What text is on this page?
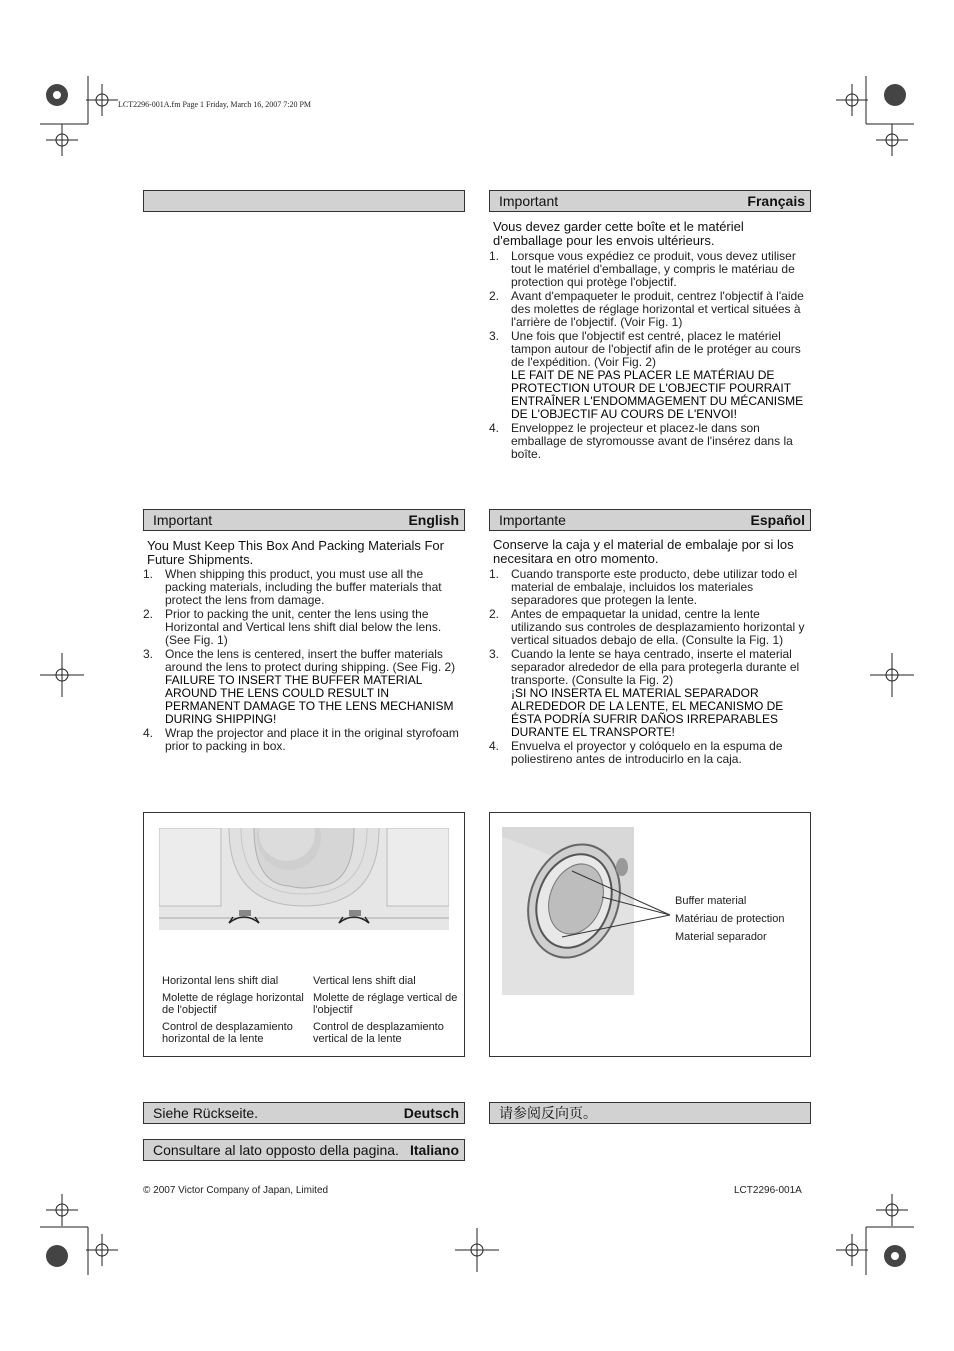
LCT2296-001A.fm Page 1 Friday, March 16, 2007 7:20 PM
Important	Français
Vous devez garder cette boîte et le matériel d'emballage pour les envois ultérieurs.
1. Lorsque vous expédiez ce produit, vous devez utiliser tout le matériel d'emballage, y compris le matériau de protection qui protège l'objectif.
2. Avant d'empaqueter le produit, centrez l'objectif à l'aide des molettes de réglage horizontal et vertical situées à l'arrière de l'objectif. (Voir Fig. 1)
3. Une fois que l'objectif est centré, placez le matériel tampon autour de l'objectif afin de le protéger au cours de l'expédition. (Voir Fig. 2)
LE FAIT DE NE PAS PLACER LE MATÉRIAU DE PROTECTION UTOUR DE L'OBJECTIF POURRAIT ENTRAÎNER L'ENDOMMAGEMENT DU MÉCANISME DE L'OBJECTIF AU COURS DE L'ENVOI!
4. Enveloppez le projecteur et placez-le dans son emballage de styromousse avant de l'insérez dans la boîte.
Important	English
You Must Keep This Box And Packing Materials For Future Shipments.
1. When shipping this product, you must use all the packing materials, including the buffer materials that protect the lens from damage.
2. Prior to packing the unit, center the lens using the Horizontal and Vertical lens shift dial below the lens. (See Fig. 1)
3. Once the lens is centered, insert the buffer materials around the lens to protect during shipping. (See Fig. 2)
FAILURE TO INSERT THE BUFFER MATERIAL AROUND THE LENS COULD RESULT IN PERMANENT DAMAGE TO THE LENS MECHANISM DURING SHIPPING!
4. Wrap the projector and place it in the original styrofoam prior to packing in box.
Importante	Español
Conserve la caja y el material de embalaje por si los necesitara en otro momento.
1. Cuando transporte este producto, debe utilizar todo el material de embalaje, incluidos los materiales separadores que protegen la lente.
2. Antes de empaquetar la unidad, centre la lente utilizando sus controles de desplazamiento horizontal y vertical situados debajo de ella. (Consulte la Fig. 1)
3. Cuando la lente se haya centrado, inserte el material separador alrededor de ella para protegerla durante el transporte. (Consulte la Fig. 2)
¡SI NO INSERTA EL MATERIAL SEPARADOR ALREDEDOR DE LA LENTE, EL MECANISMO DE ÉSTA PODRÍA SUFRIR DAÑOS IRREPARABLES DURANTE EL TRANSPORTE!
4. Envuelva el proyector y colóquelo en la espuma de poliestireno antes de introducirlo en la caja.
Horizontal lens shift dial
Molette de réglage horizontal de l'objectif
Control de desplazamiento horizontal de la lente
Vertical lens shift dial
Molette de réglage vertical de l'objectif
Control de desplazamiento vertical de la lente
Buffer material
Matériau de protection
Material separador
Siehe Rückseite.	Deutsch
Consultare al lato opposto della pagina. Italiano
请参阅反向页。
© 2007 Victor Company of Japan, Limited	LCT2296-001A
